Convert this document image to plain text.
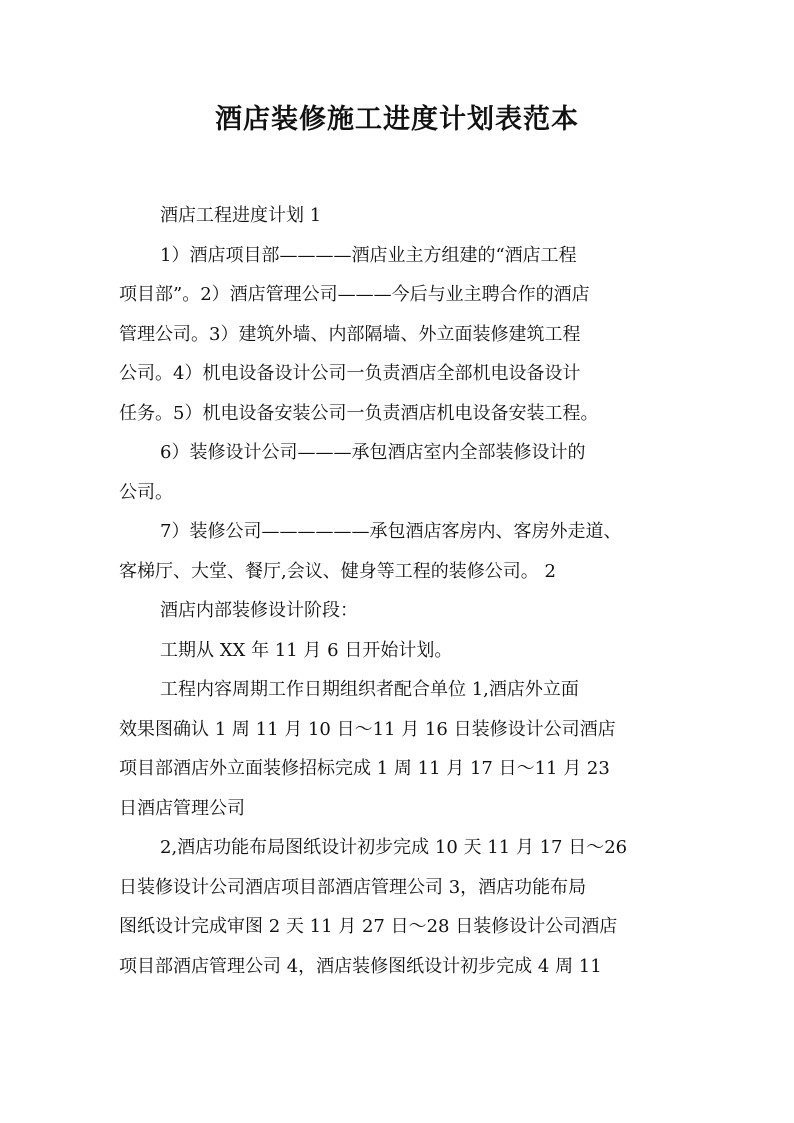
酒店装修施工进度计划表范本

酒店工程进度计划 1

1）酒店项目部————酒店业主方组建的“酒店工程
项目部”。2）酒店管理公司———今后与业主聘合作的酒店
管理公司。3）建筑外墙、内部隔墙、外立面装修建筑工程
公司。4）机电设备设计公司一负责酒店全部机电设备设计
任务。5）机电设备安装公司一负责酒店机电设备安装工程。

6）装修设计公司———承包酒店室内全部装修设计的
公司。

7）装修公司——————承包酒店客房内、客房外走道、
客梯厅、大堂、餐厅,会议、健身等工程的装修公司。 2

酒店内部装修设计阶段：

工期从 XX 年 11 月 6 日开始计划。

工程内容周期工作日期组织者配合单位 1,酒店外立面
效果图确认 1 周 11 月 10 日～11 月 16 日装修设计公司酒店
项目部酒店外立面装修招标完成 1 周 11 月 17 日～11 月 23
日酒店管理公司

2,酒店功能布局图纸设计初步完成 10 天 11 月 17 日～26
日装修设计公司酒店项目部酒店管理公司 3，酒店功能布局
图纸设计完成审图 2 天 11 月 27 日～28 日装修设计公司酒店
项目部酒店管理公司 4，酒店装修图纸设计初步完成 4 周 11
